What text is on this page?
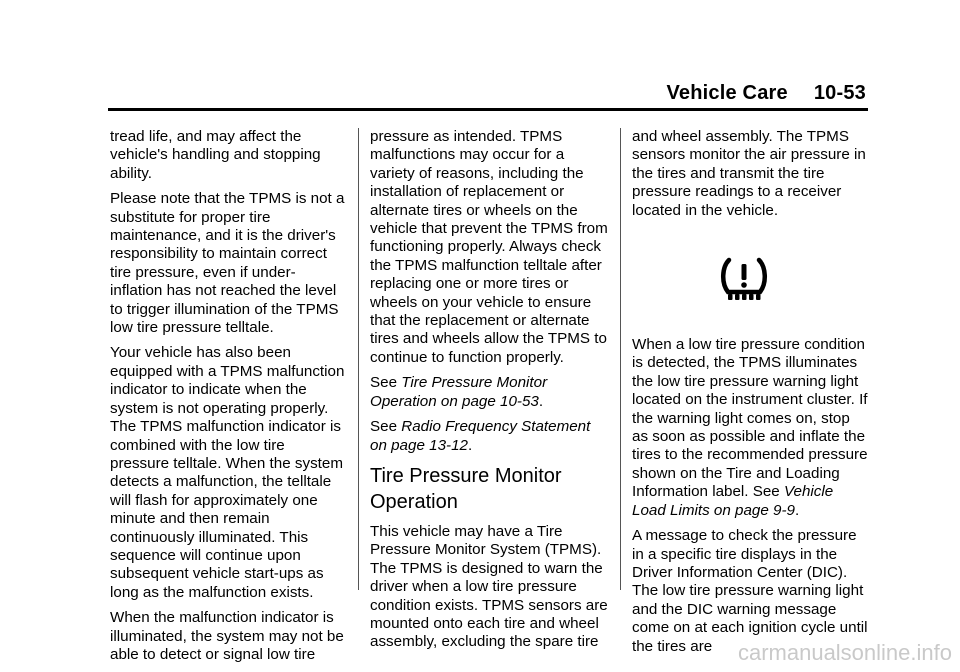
Vehicle Care 10-53

tread life, and may affect the vehicle's handling and stopping ability.

Please note that the TPMS is not a substitute for proper tire maintenance, and it is the driver's responsibility to maintain correct tire pressure, even if under-inflation has not reached the level to trigger illumination of the TPMS low tire pressure telltale.

Your vehicle has also been equipped with a TPMS malfunction indicator to indicate when the system is not operating properly. The TPMS malfunction indicator is combined with the low tire pressure telltale. When the system detects a malfunction, the telltale will flash for approximately one minute and then remain continuously illuminated. This sequence will continue upon subsequent vehicle start-ups as long as the malfunction exists.

When the malfunction indicator is illuminated, the system may not be able to detect or signal low tire

pressure as intended. TPMS malfunctions may occur for a variety of reasons, including the installation of replacement or alternate tires or wheels on the vehicle that prevent the TPMS from functioning properly. Always check the TPMS malfunction telltale after replacing one or more tires or wheels on your vehicle to ensure that the replacement or alternate tires and wheels allow the TPMS to continue to function properly.

See Tire Pressure Monitor Operation on page 10-53.

See Radio Frequency Statement on page 13-12.

Tire Pressure Monitor Operation

This vehicle may have a Tire Pressure Monitor System (TPMS). The TPMS is designed to warn the driver when a low tire pressure condition exists. TPMS sensors are mounted onto each tire and wheel assembly, excluding the spare tire

and wheel assembly. The TPMS sensors monitor the air pressure in the tires and transmit the tire pressure readings to a receiver located in the vehicle.

When a low tire pressure condition is detected, the TPMS illuminates the low tire pressure warning light located on the instrument cluster. If the warning light comes on, stop as soon as possible and inflate the tires to the recommended pressure shown on the Tire and Loading Information label. See Vehicle Load Limits on page 9-9.

A message to check the pressure in a specific tire displays in the Driver Information Center (DIC). The low tire pressure warning light and the DIC warning message come on at each ignition cycle until the tires are	carmanualsonline.info
